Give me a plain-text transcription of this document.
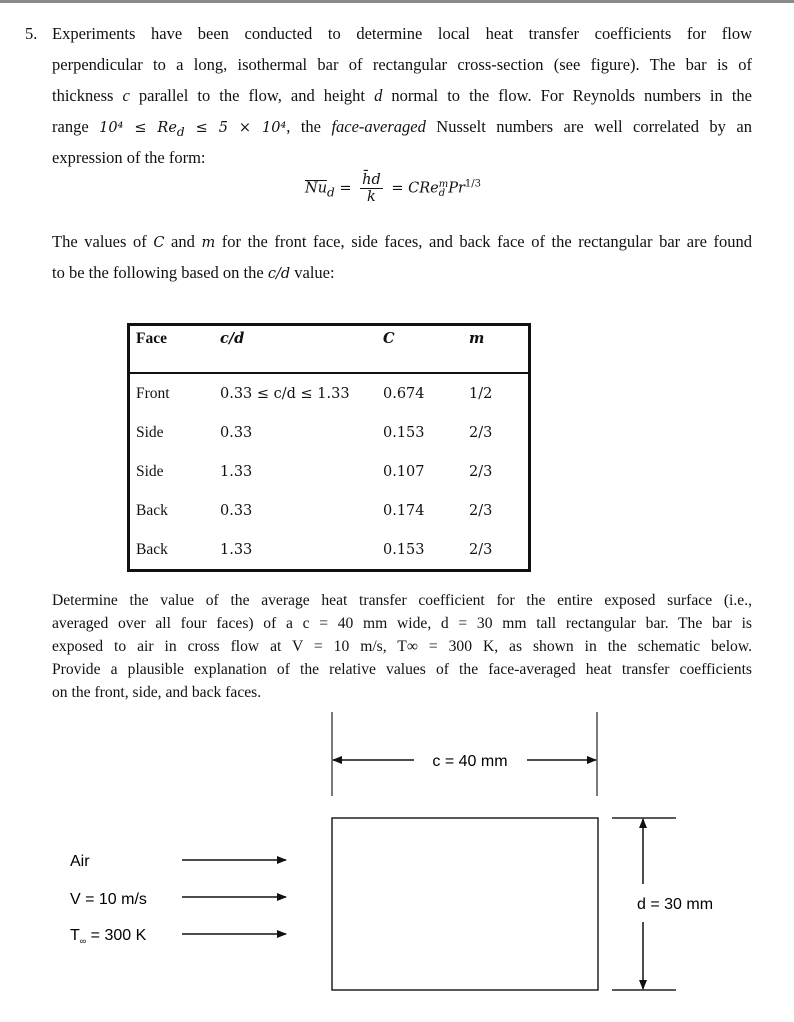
5. Experiments have been conducted to determine local heat transfer coefficients for flow
perpendicular to a long, isothermal bar of rectangular cross-section (see figure). The bar is of
thickness c parallel to the flow, and height d normal to the flow. For Reynolds numbers in the
range $10^4 \le Re_d \le 5 \times 10^4$, the face-averaged Nusselt numbers are well correlated by an
expression of the form:
$\overline{Nu}_d = \frac{h̄d}{k}$ = CRe m
d $Pr^{1/3}$
The values of C and m for the front face, side faces, and back face of the rectangular bar are found
to be the following based on the c/d value:
Face	c/d	C	m
Front	0.33 ≤ c/d ≤ 1.33	0.674	1/2
Side	0.33	0.153	2/3
Side	1.33	0.107	2/3
Back	0.33	0.174	2/3
Back	1.33	0.153	2/3
Determine the value of the average heat transfer coefficient for the entire exposed surface (i.e.,
averaged over all four faces) of a c = 40 mm wide, d = 30 mm tall rectangular bar. The bar is
exposed to air in cross flow at V = 10 m/s, T∞ = 300 K, as shown in the schematic below.
Provide a plausible explanation of the relative values of the face-averaged heat transfer coefficients
on the front, side, and back faces.
c = 40 mm
d = 30 mm
Air
V = 10 m/s
$T_\infty = 300$ K
